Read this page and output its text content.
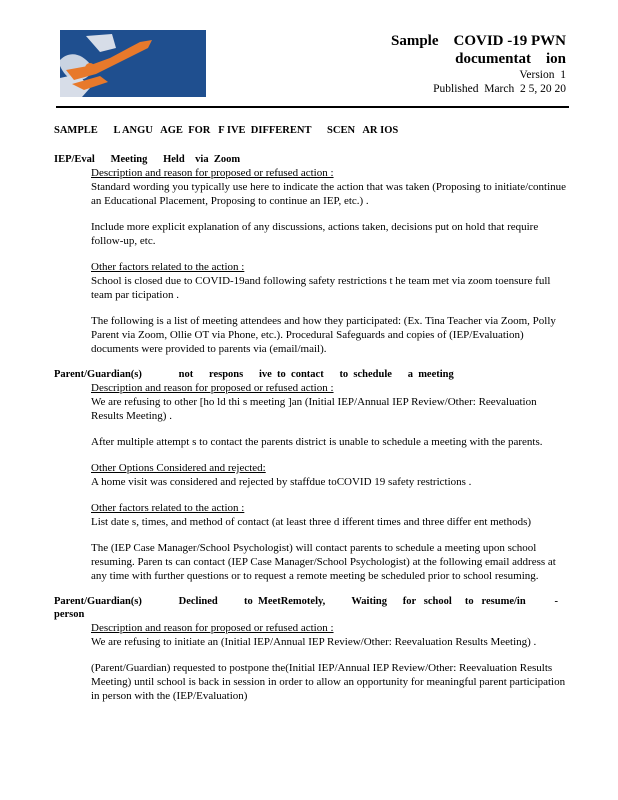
Sample    COVID -19 PWN
documentat    ion
Version  1
Published  March  2 5, 20 20
SAMPLE      L ANGU   AGE  FOR   F IVE  DIFFERENT      SCEN   AR IOS
IEP/Eval      Meeting      Held    via  Zoom
Description and reason for proposed or refused action :
Standard wording you typically use here to indicate the action that was taken (Proposing to initiate/continue an Educational Placement, Proposing to continue an IEP, etc.) .
Include more explicit explanation of any discussions, actions taken, decisions put on hold that require follow-up, etc.
Other factors related to the action :
School is closed due to COVID-19and following safety restrictions t he team met via zoom toensure full team par ticipation .
The following is a list of meeting attendees and how they participated: (Ex. Tina Teacher via Zoom, Polly Parent via Zoom, Ollie OT via Phone, etc.). Procedural Safeguards and copies of (IEP/Evaluation) documents were provided to parents via (email/mail).
Parent/Guardian(s)              not      respons      ive  to  contact      to  schedule      a  meeting
Description and reason for proposed or refused action :
We are refusing to other [ho ld thi s meeting ]an (Initial IEP/Annual IEP Review/Other: Reevaluation Results Meeting) .
After multiple attempt s to contact the parents district is unable to schedule a meeting with the parents.
Other Options Considered and rejected:
A home visit was considered and rejected by staffdue toCOVID 19 safety restrictions .
Other factors related to the action :
List date s, times, and method of contact (at least three d ifferent times and three differ ent methods)
The (IEP Case Manager/School Psychologist) will contact parents to schedule a meeting upon school resuming. Paren ts can contact (IEP Case Manager/School Psychologist) at the following email address at any time with further questions or to request a remote meeting be scheduled prior to school resuming.
Parent/Guardian(s)              Declined          to  MeetRemotely,          Waiting      for   school     to   resume/in           -
person
Description and reason for proposed or refused action :
We are refusing to initiate an (Initial IEP/Annual IEP Review/Other: Reevaluation Results Meeting) .
(Parent/Guardian) requested to postpone the(Initial IEP/Annual IEP Review/Other: Reevaluation Results Meeting) until school is back in session in order to allow an opportunity for meaningful parent participation in person with the (IEP/Evaluation)
